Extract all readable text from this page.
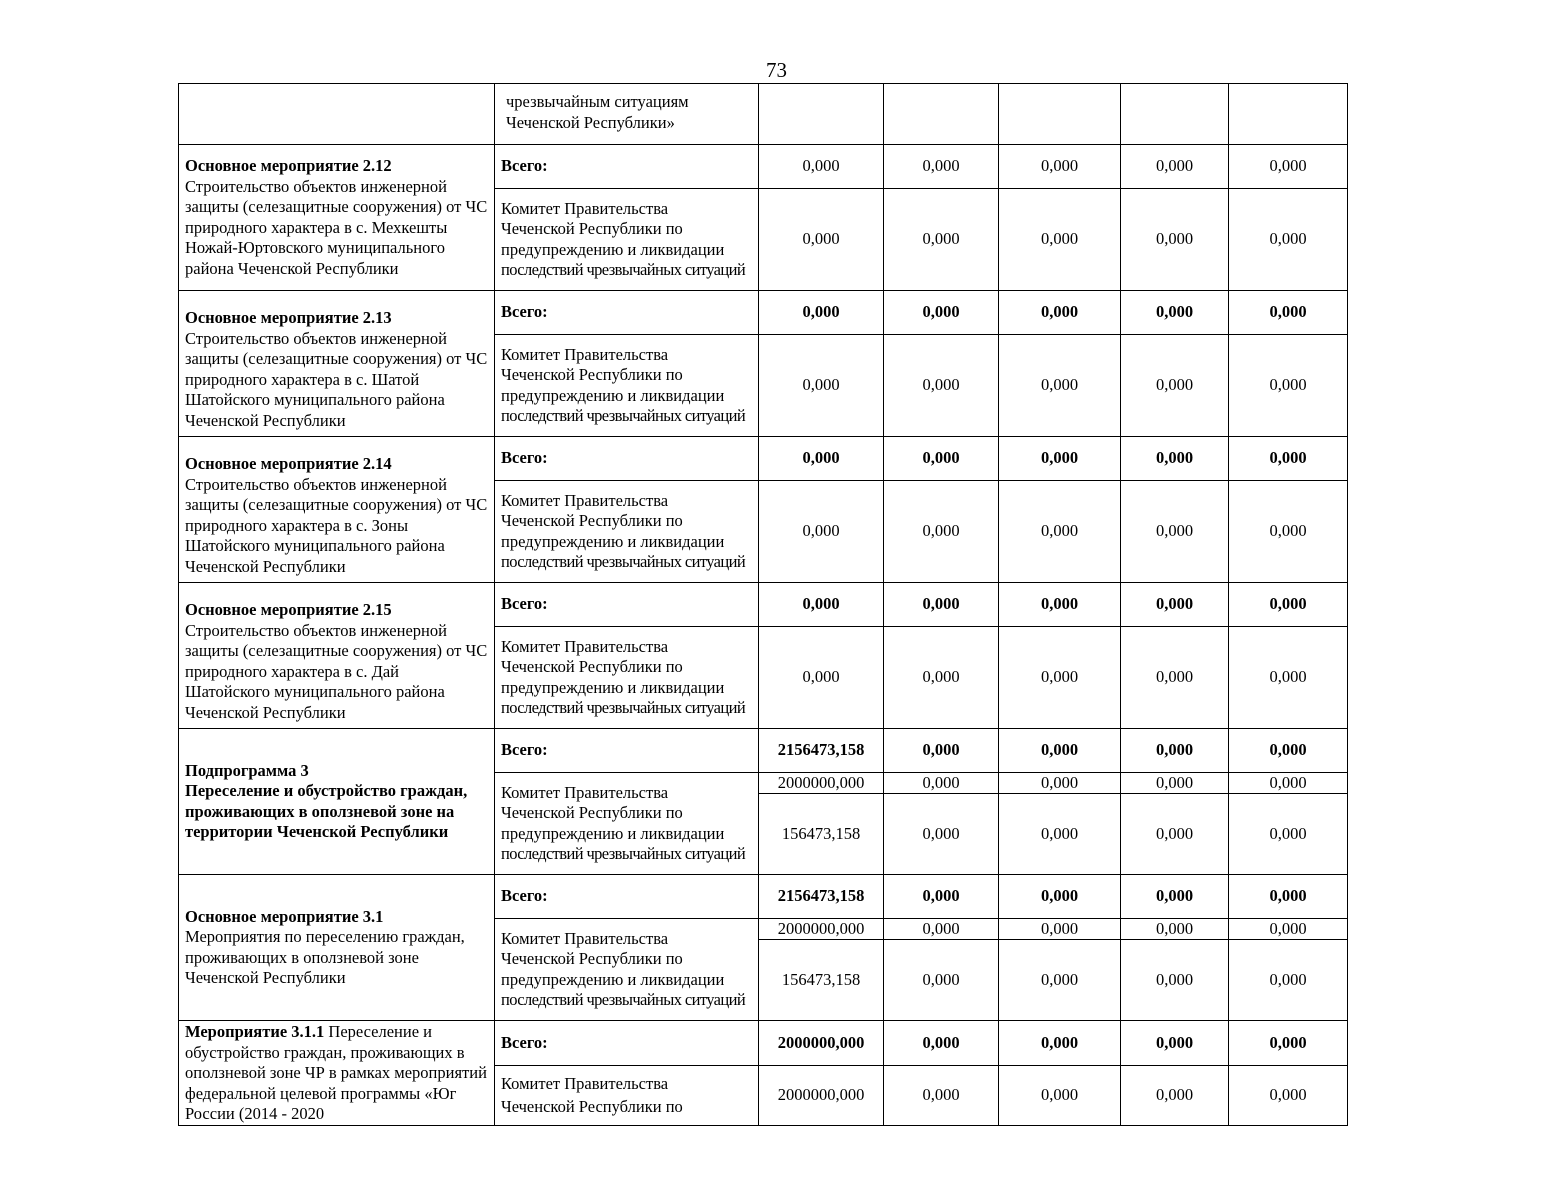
73

	чрезвычайным ситуациям
Чеченской Республики»					

Основное мероприятие 2.12
Строительство объектов инженерной защиты (селезащитные сооружения) от ЧС природного характера в с. Мехкешты Ножай-Юртовского муниципального района Чеченской Республики	Всего:	0,000	0,000	0,000	0,000	0,000

	Комитет Правительства
Чеченской Республики по
предупреждению и ликвидации
последствий чрезвычайных ситуаций	0,000	0,000	0,000	0,000	0,000
Основное мероприятие 2.13
Строительство объектов инженерной защиты (селезащитные сооружения) от ЧС природного характера в с. Шатой Шатойского муниципального района Чеченской Республики	Всего:	0,000	0,000	0,000	0,000	0,000

	Комитет Правительства
Чеченской Республики по
предупреждению и ликвидации
последствий чрезвычайных ситуаций	0,000	0,000	0,000	0,000	0,000
Основное мероприятие 2.14
Строительство объектов инженерной защиты (селезащитные сооружения) от ЧС природного характера в с. Зоны Шатойского муниципального района Чеченской Республики	Всего:	0,000	0,000	0,000	0,000	0,000

	Комитет Правительства
Чеченской Республики по
предупреждению и ликвидации
последствий чрезвычайных ситуаций	0,000	0,000	0,000	0,000	0,000
Основное мероприятие 2.15
Строительство объектов инженерной защиты (селезащитные сооружения) от ЧС природного характера в с. Дай Шатойского муниципального района Чеченской Республики	Всего:	0,000	0,000	0,000	0,000	0,000

	Комитет Правительства
Чеченской Республики по
предупреждению и ликвидации
последствий чрезвычайных ситуаций	0,000	0,000	0,000	0,000	0,000
Подпрограмма 3
Переселение и обустройство граждан, проживающих в оползневой зоне на территории Чеченской Республики	Всего:	2156473,158	0,000	0,000	0,000	0,000

	Комитет Правительства
Чеченской Республики по
предупреждению и ликвидации
последствий чрезвычайных ситуаций	2000000,000	0,000	0,000	0,000	0,000
		156473,158	0,000	0,000	0,000	0,000
Основное мероприятие 3.1
Мероприятия по переселению граждан, проживающих в оползневой зоне Чеченской Республики	Всего:	2156473,158	0,000	0,000	0,000	0,000

	Комитет Правительства
Чеченской Республики по
предупреждению и ликвидации
последствий чрезвычайных ситуаций	2000000,000	0,000	0,000	0,000	0,000
		156473,158	0,000	0,000	0,000	0,000
Мероприятие 3.1.1 Переселение и обустройство граждан, проживающих в оползневой зоне ЧР в рамках мероприятий федеральной целевой программы «Юг России (2014 - 2020	Всего:	2000000,000	0,000	0,000	0,000	0,000

	Комитет Правительства
Чеченской Республики по	2000000,000	0,000	0,000	0,000	0,000
